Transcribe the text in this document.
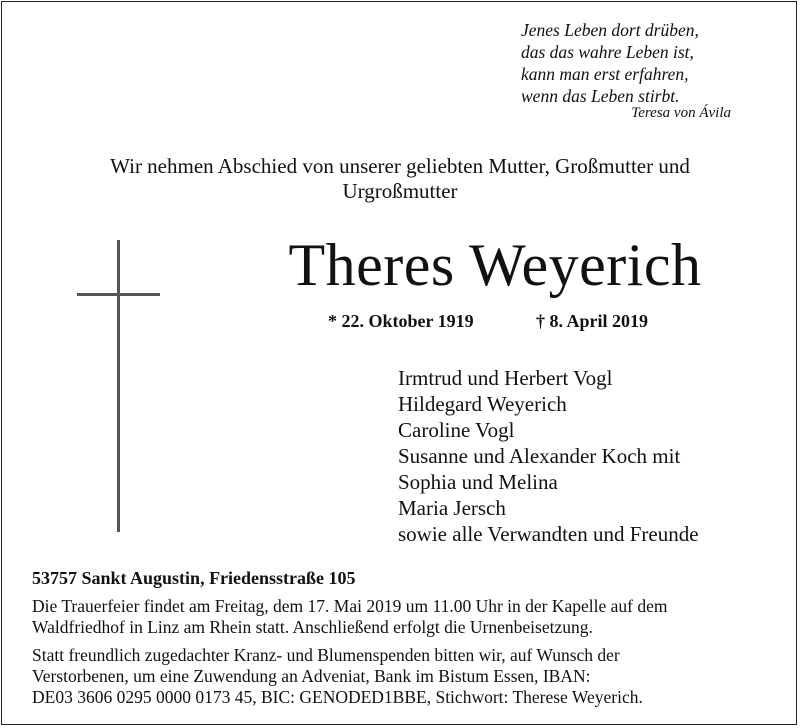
Jenes Leben dort drüben,
das das wahre Leben ist,
kann man erst erfahren,
wenn das Leben stirbt.
Teresa von Ávila
Wir nehmen Abschied von unserer geliebten Mutter, Großmutter und
Urgroßmutter
Theres Weyerich
* 22. Oktober 1919	† 8. April 2019
Irmtrud und Herbert Vogl
Hildegard Weyerich
Caroline Vogl
Susanne und Alexander Koch mit
Sophia und Melina
Maria Jersch
sowie alle Verwandten und Freunde
53757 Sankt Augustin, Friedensstraße 105
Die Trauerfeier findet am Freitag, dem 17. Mai 2019 um 11.00 Uhr in der Kapelle auf dem
Waldfriedhof in Linz am Rhein statt. Anschließend erfolgt die Urnenbeisetzung.
Statt freundlich zugedachter Kranz- und Blumenspenden bitten wir, auf Wunsch der
Verstorbenen, um eine Zuwendung an Adveniat, Bank im Bistum Essen, IBAN:
DE03 3606 0295 0000 0173 45, BIC: GENODED1BBE, Stichwort: Therese Weyerich.
